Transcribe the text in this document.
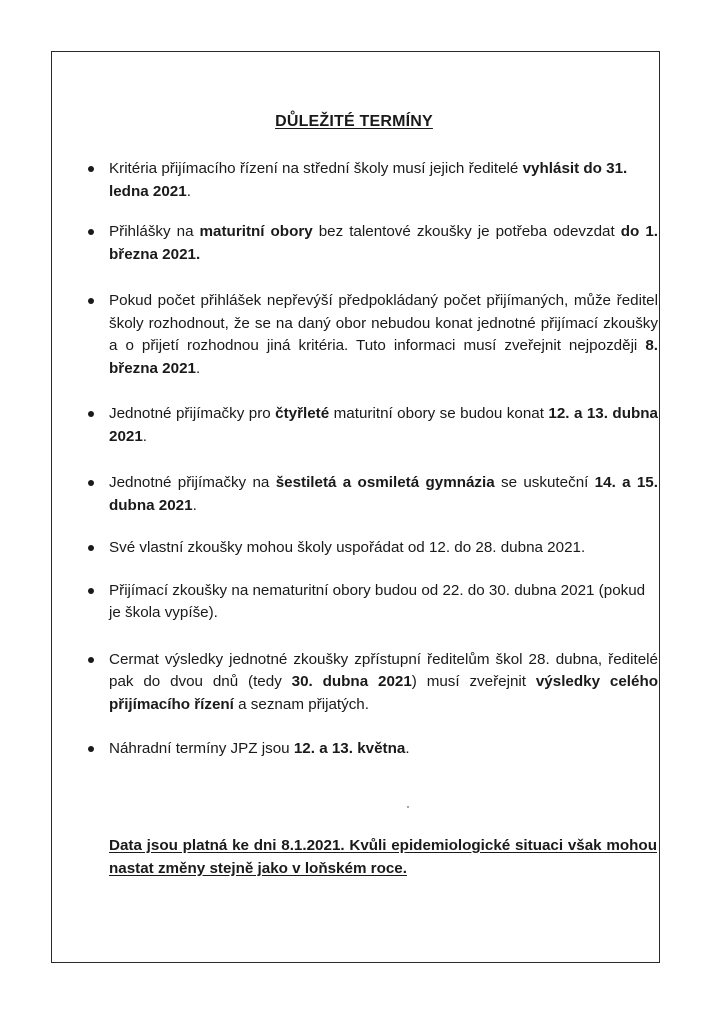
DŮLEŽITÉ TERMÍNY
Kritéria přijímacího řízení na střední školy musí jejich ředitelé vyhlásit do 31. ledna 2021.
Přihlášky na maturitní obory bez talentové zkoušky je potřeba odevzdat do 1. března 2021.
Pokud počet přihlášek nepřevýší předpokládaný počet přijímaných, může ředitel školy rozhodnout, že se na daný obor nebudou konat jednotné přijímací zkoušky a o přijetí rozhodnou jiná kritéria. Tuto informaci musí zveřejnit nejpozději 8. března 2021.
Jednotné přijímačky pro čtyřleté maturitní obory se budou konat 12. a 13. dubna 2021.
Jednotné přijímačky na šestiletá a osmiletá gymnázia se uskuteční 14. a 15. dubna 2021.
Své vlastní zkoušky mohou školy uspořádat od 12. do 28. dubna 2021.
Přijímací zkoušky na nematuritní obory budou od 22. do 30. dubna 2021 (pokud je škola vypíše).
Cermat výsledky jednotné zkoušky zpřístupní ředitelům škol 28. dubna, ředitelé pak do dvou dnů (tedy 30. dubna 2021) musí zveřejnit výsledky celého přijímacího řízení a seznam přijatých.
Náhradní termíny JPZ jsou 12. a 13. května.
Data jsou platná ke dni 8.1.2021. Kvůli epidemiologické situaci však mohou nastat změny stejně jako v loňském roce.
